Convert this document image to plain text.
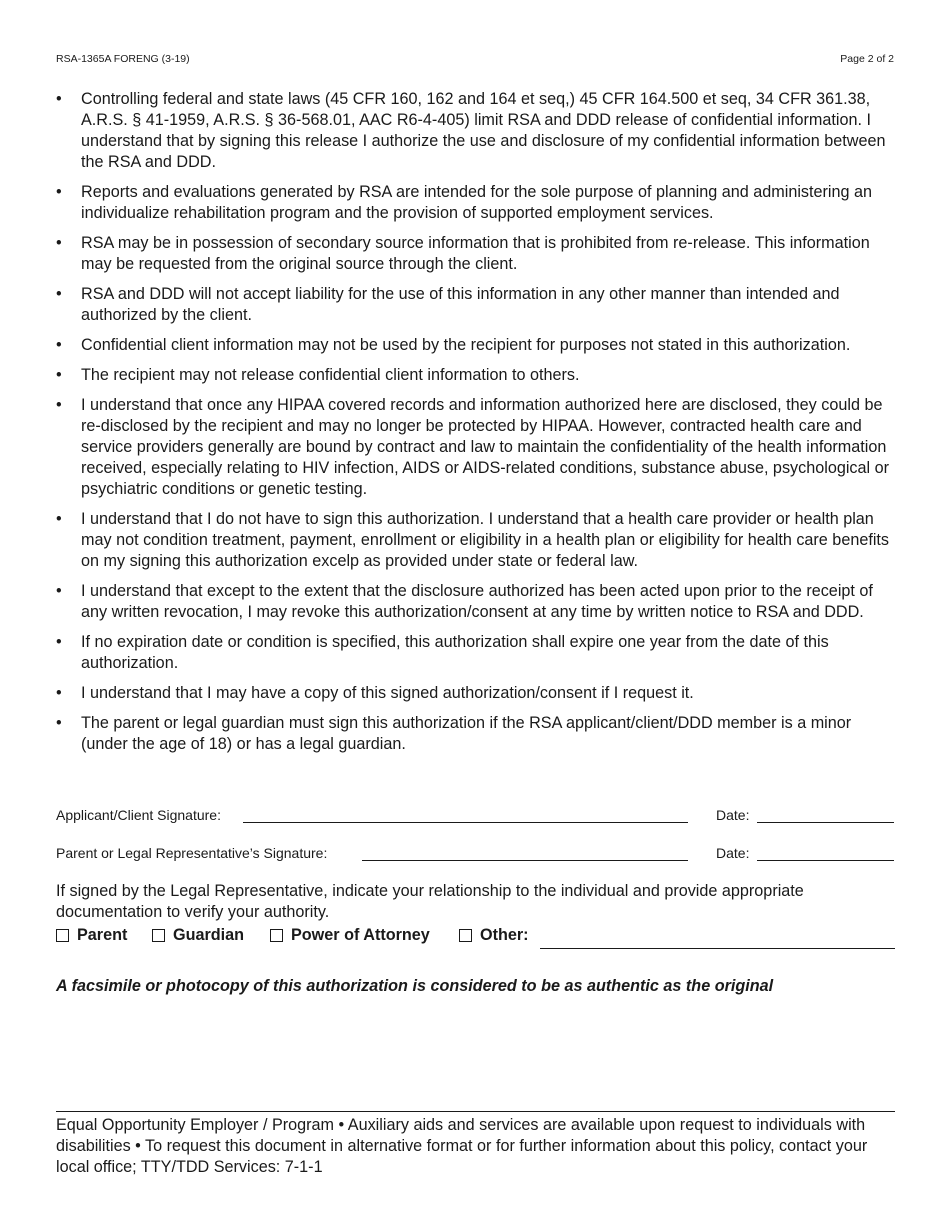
RSA-1365A FORENG (3-19)	Page 2 of 2
• Controlling federal and state laws (45 CFR 160, 162 and 164 et seq,) 45 CFR 164.500 et seq, 34 CFR 361.38, A.R.S. § 41-1959, A.R.S. § 36-568.01, AAC R6-4-405) limit RSA and DDD release of confidential information. I understand that by signing this release I authorize the use and disclosure of my confidential information between the RSA and DDD.
• Reports and evaluations generated by RSA are intended for the sole purpose of planning and administering an individualize rehabilitation program and the provision of supported employment services.
• RSA may be in possession of secondary source information that is prohibited from re-release. This information may be requested from the original source through the client.
• RSA and DDD will not accept liability for the use of this information in any other manner than intended and authorized by the client.
• Confidential client information may not be used by the recipient for purposes not stated in this authorization.
• The recipient may not release confidential client information to others.
• I understand that once any HIPAA covered records and information authorized here are disclosed, they could be re-disclosed by the recipient and may no longer be protected by HIPAA. However, contracted health care and service providers generally are bound by contract and law to maintain the confidentiality of the health information received, especially relating to HIV infection, AIDS or AIDS-related conditions, substance abuse, psychological or psychiatric conditions or genetic testing.
• I understand that I do not have to sign this authorization. I understand that a health care provider or health plan may not condition treatment, payment, enrollment or eligibility in a health plan or eligibility for health care benefits on my signing this authorization excelp as provided under state or federal law.
• I understand that except to the extent that the disclosure authorized has been acted upon prior to the receipt of any written revocation, I may revoke this authorization/consent at any time by written notice to RSA and DDD.
• If no expiration date or condition is specified, this authorization shall expire one year from the date of this authorization.
• I understand that I may have a copy of this signed authorization/consent if I request it.
• The parent or legal guardian must sign this authorization if the RSA applicant/client/DDD member is a minor (under the age of 18) or has a legal guardian.
Applicant/Client Signature:	Date:
Parent or Legal Representative’s Signature:	Date:
If signed by the Legal Representative, indicate your relationship to the individual and provide appropriate documentation to verify your authority.
Parent	Guardian	Power of Attorney	Other:
A facsimile or photocopy of this authorization is considered to be as authentic as the original
Equal Opportunity Employer / Program • Auxiliary aids and services are available upon request to individuals with disabilities • To request this document in alternative format or for further information about this policy, contact your local office; TTY/TDD Services: 7-1-1
